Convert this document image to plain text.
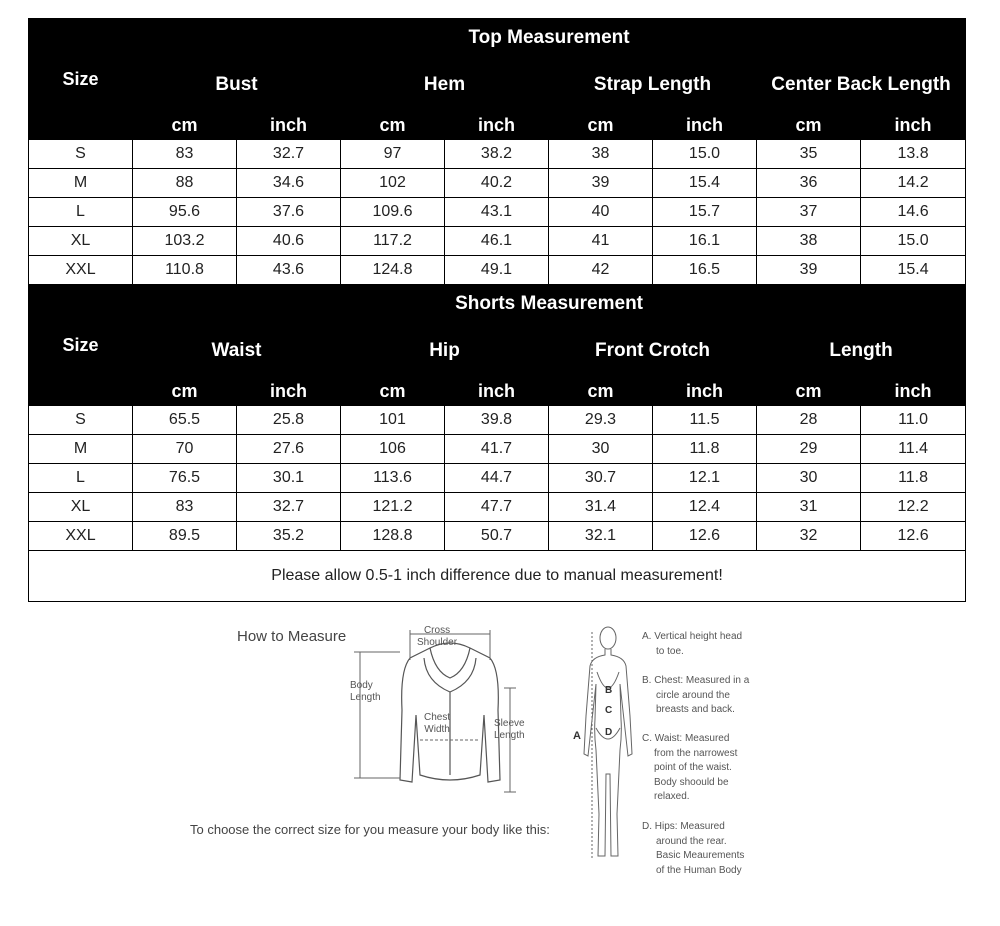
Size	Top Measurement							
	Bust		Hem		Strap Length		Center Back Length	
	cm	inch	cm	inch	cm	inch	cm	inch
S	83	32.7	97	38.2	38	15.0	35	13.8
M	88	34.6	102	40.2	39	15.4	36	14.2
L	95.6	37.6	109.6	43.1	40	15.7	37	14.6
XL	103.2	40.6	117.2	46.1	41	16.1	38	15.0
XXL	110.8	43.6	124.8	49.1	42	16.5	39	15.4
Size	Shorts Measurement							
	Waist		Hip		Front Crotch		Length	
	cm	inch	cm	inch	cm	inch	cm	inch
S	65.5	25.8	101	39.8	29.3	11.5	28	11.0
M	70	27.6	106	41.7	30	11.8	29	11.4
L	76.5	30.1	113.6	44.7	30.7	12.1	30	11.8
XL	83	32.7	121.2	47.7	31.4	12.4	31	12.2
XXL	89.5	35.2	128.8	50.7	32.1	12.6	32	12.6
Please allow 0.5-1 inch difference due to manual measurement!								
How to Measure	Cross
Shoulder
Body
Length
Chest
Width
Sleeve
Length
To choose the correct size for you measure your body like this:
A
B
C
D
A. Vertical height head
to toe.
B. Chest: Measured in a
circle around the
breasts and back.
C. Waist: Measured
from the narrowest
point of the waist.
Body shoould be
relaxed.
D. Hips: Measured
around the rear.
Basic Meaurements
of the Human Body
